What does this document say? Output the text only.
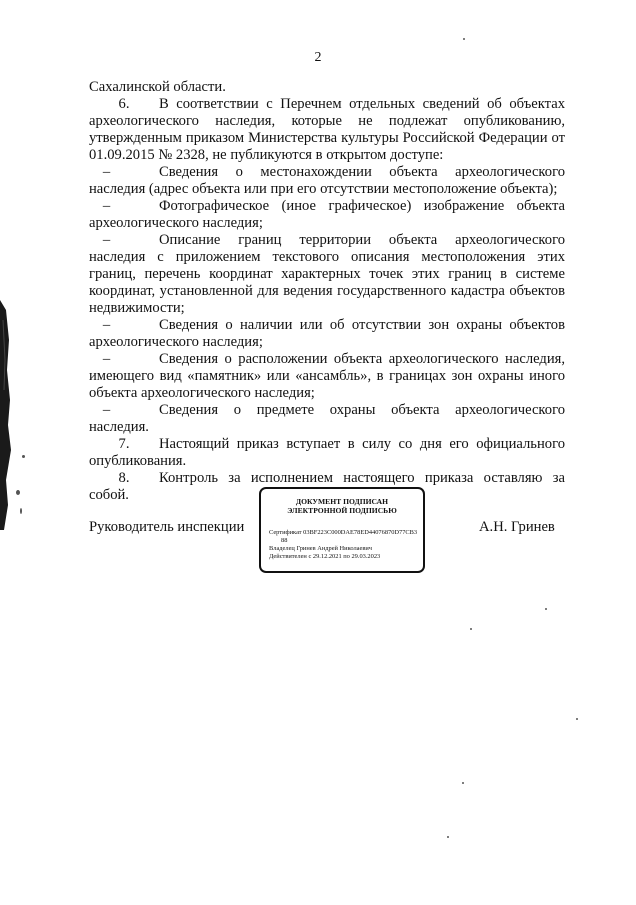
2

Сахалинской области.

6.	В соответствии с Перечнем отдельных сведений об объектах археологического наследия, которые не подлежат опубликованию, утвержденным приказом Министерства культуры Российской Федерации от 01.09.2015 № 2328, не публикуются в открытом доступе:

–	Сведения о местонахождении объекта археологического наследия (адрес объекта или при его отсутствии местоположение объекта);

–	Фотографическое (иное графическое) изображение объекта археологического наследия;

–	Описание границ территории объекта археологического наследия с приложением текстового описания местоположения этих границ, перечень координат характерных точек этих границ в системе координат, установленной для ведения государственного кадастра объектов недвижимости;

–	Сведения о наличии или об отсутствии зон охраны объектов археологического наследия;

–	Сведения о расположении объекта археологического наследия, имеющего вид «памятник» или «ансамбль», в границах зон охраны иного объекта археологического наследия;

–	Сведения о предмете охраны объекта археологического наследия.

7. Настоящий приказ вступает в силу со дня его официального опубликования.

8. Контроль за исполнением настоящего приказа оставляю за собой.

Руководитель инспекции
ДОКУМЕНТ ПОДПИСАН
ЭЛЕКТРОННОЙ ПОДПИСЬЮ
Сертификат 03BF223C000DAE78ED44076870D77CB3
88
Владелец Гринев Андрей Николаевич
Действителен с 29.12.2021 по 29.03.2023
А.Н. Гринев
